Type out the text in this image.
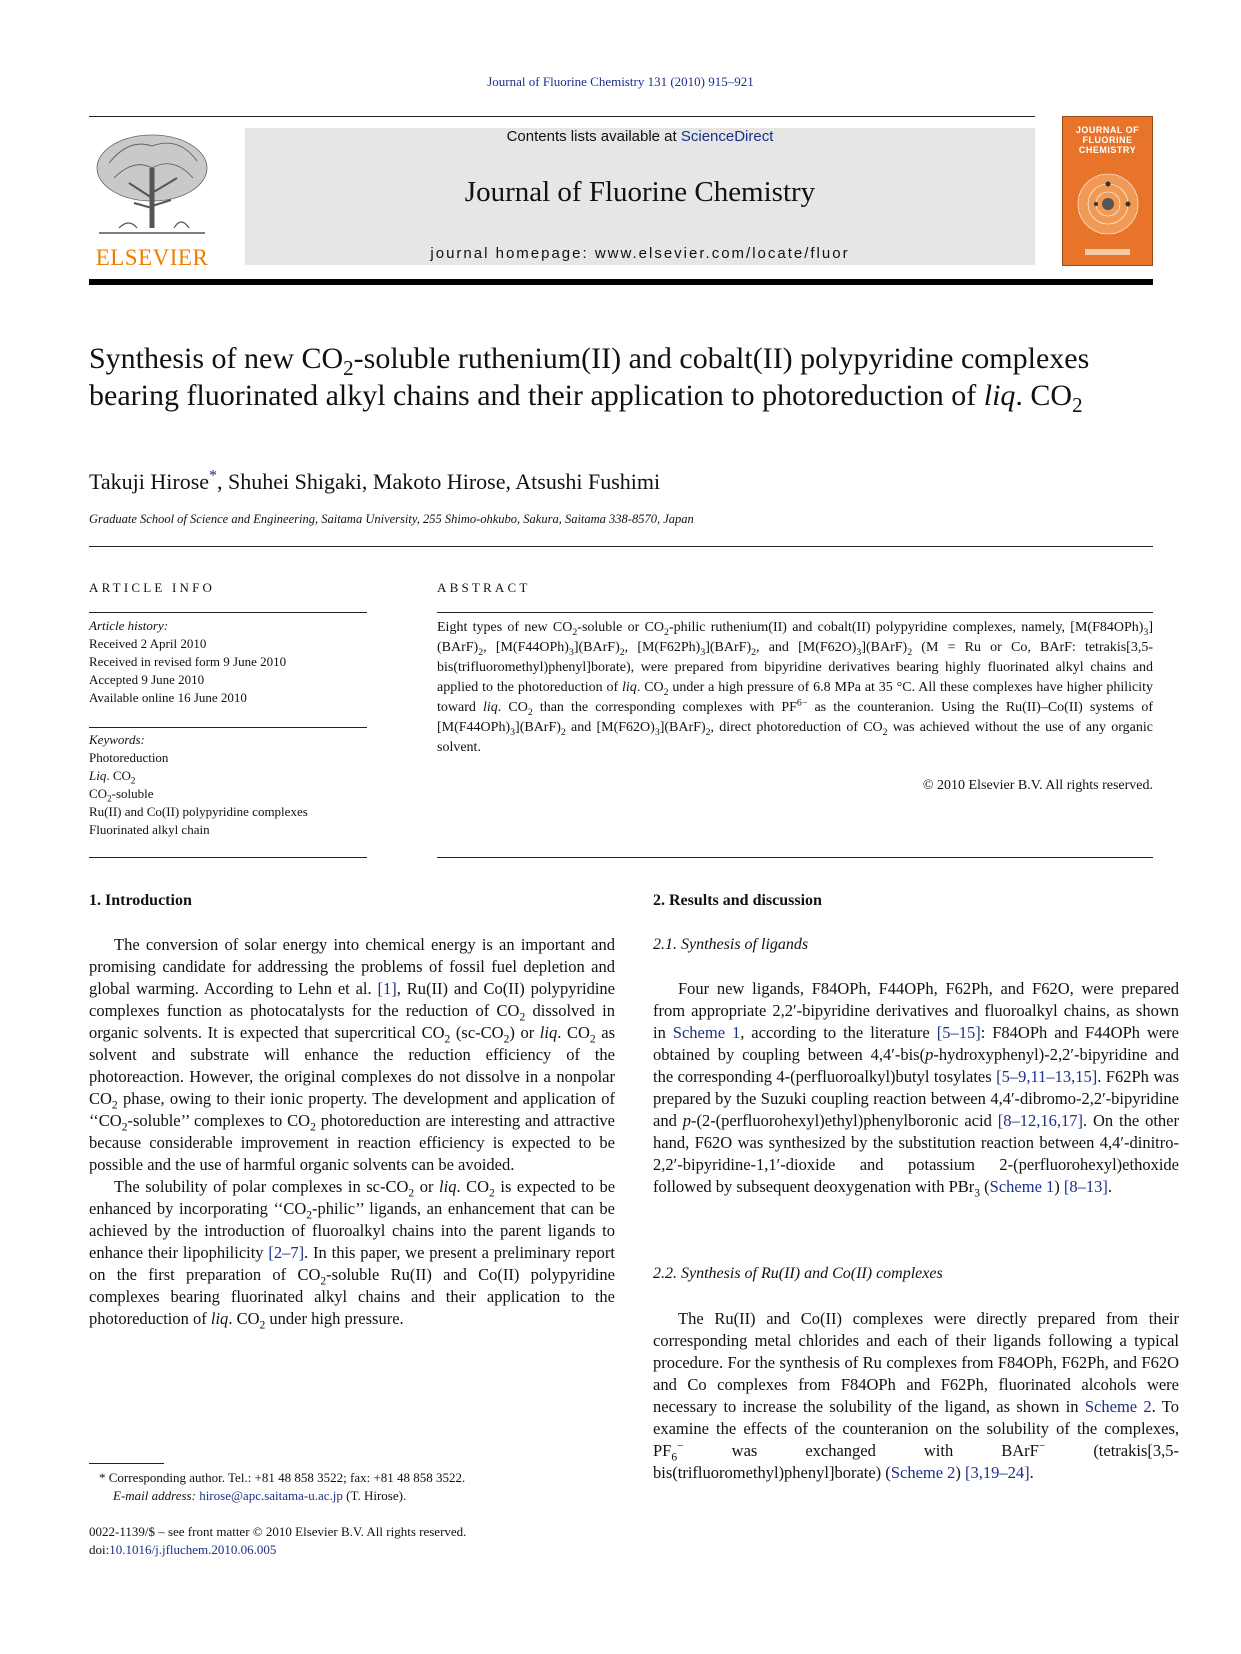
Journal of Fluorine Chemistry 131 (2010) 915–921
ELSEVIER
Contents lists available at ScienceDirect
Journal of Fluorine Chemistry
journal homepage: www.elsevier.com/locate/fluor
JOURNAL OF FLUORINE CHEMISTRY
Synthesis of new $CO_2$-soluble ruthenium(II) and cobalt(II) polypyridine complexes bearing fluorinated alkyl chains and their application to photoreduction of liq. $CO_2$
Takuji Hirose*, Shuhei Shigaki, Makoto Hirose, Atsushi Fushimi
Graduate School of Science and Engineering, Saitama University, 255 Shimo-ohkubo, Sakura, Saitama 338-8570, Japan
ARTICLE INFO	ABSTRACT
Article history:
Received 2 April 2010
Received in revised form 9 June 2010
Accepted 9 June 2010
Available online 16 June 2010
Keywords:
Photoreduction
Liq. $CO_2$
$CO_2$-soluble
Ru(II) and Co(II) polypyridine complexes
Fluorinated alkyl chain
Eight types of new $CO_2$-soluble or $CO_2$-philic ruthenium(II) and cobalt(II) polypyridine complexes, namely, $[M(F84OPh)_3](BArF)_2$, $[M(F44OPh)_3](BArF)_2$, $[M(F62Ph)_3](BArF)_2$, and $[M(F62O)_3](BArF)_2$ (M = Ru or Co, BArF: tetrakis[3,5-bis(trifluoromethyl)phenyl]borate), were prepared from bipyridine derivatives bearing highly fluorinated alkyl chains and applied to the photoreduction of liq. $CO_2$ under a high pressure of 6.8 MPa at 35 °C. All these complexes have higher philicity toward liq. $CO_2$ than the corresponding complexes with $PF^{6-}$ as the counteranion. Using the Ru(II)–Co(II) systems of $[M(F44OPh)_3](BArF)_2$ and $[M(F62O)_3](BArF)_2$, direct photoreduction of $CO_2$ was achieved without the use of any organic solvent.
© 2010 Elsevier B.V. All rights reserved.
1. Introduction

The conversion of solar energy into chemical energy is an important and promising candidate for addressing the problems of fossil fuel depletion and global warming. According to Lehn et al. [1], Ru(II) and Co(II) polypyridine complexes function as photocatalysts for the reduction of $CO_2$ dissolved in organic solvents. It is expected that supercritical $CO_2$ $(sc-CO_2)$ or liq. $CO_2$ as solvent and substrate will enhance the reduction efficiency of the photoreaction. However, the original complexes do not dissolve in a nonpolar $CO_2$ phase, owing to their ionic property. The development and application of ‘‘$CO_2$-soluble’’ complexes to $CO_2$ photoreduction are interesting and attractive because considerable improvement in reaction efficiency is expected to be possible and the use of harmful organic solvents can be avoided.

The solubility of polar complexes in $sc-CO_2$ or liq. $CO_2$ is expected to be enhanced by incorporating ‘‘$CO_2$-philic’’ ligands, an enhancement that can be achieved by the introduction of fluoroalkyl chains into the parent ligands to enhance their lipophilicity [2–7]. In this paper, we present a preliminary report on the first preparation of $CO_2$-soluble Ru(II) and Co(II) polypyridine complexes bearing fluorinated alkyl chains and their application to the photoreduction of liq. $CO_2$ under high pressure.

2. Results and discussion
2.1. Synthesis of ligands

Four new ligands, F84OPh, F44OPh, F62Ph, and F62O, were prepared from appropriate 2,2′-bipyridine derivatives and fluoroalkyl chains, as shown in Scheme 1, according to the literature [5–15]: F84OPh and F44OPh were obtained by coupling between 4,4′-bis(p-hydroxyphenyl)-2,2′-bipyridine and the corresponding 4-(perfluoroalkyl)butyl tosylates [5–9,11–13,15]. F62Ph was prepared by the Suzuki coupling reaction between 4,4′-dibromo-2,2′-bipyridine and p-(2-(perfluorohexyl)ethyl)phenylboronic acid [8–12,16,17]. On the other hand, F62O was synthesized by the substitution reaction between 4,4′-dinitro-2,2′-bipyridine-1,1′-dioxide and potassium 2-(perfluorohexyl)ethoxide followed by subsequent deoxygenation with PBr$_3$ (Scheme 1) [8–13].

2.2. Synthesis of Ru(II) and Co(II) complexes

The Ru(II) and Co(II) complexes were directly prepared from their corresponding metal chlorides and each of their ligands following a typical procedure. For the synthesis of Ru complexes from F84OPh, F62Ph, and F62O and Co complexes from F84OPh and F62Ph, fluorinated alcohols were necessary to increase the solubility of the ligand, as shown in Scheme 2. To examine the effects of the counteranion on the solubility of the complexes, $PF_6^-$ was exchanged with BArF− (tetrakis[3,5-bis(trifluoromethyl)phenyl]borate) (Scheme 2) [3,19–24].

* Corresponding author. Tel.: +81 48 858 3522; fax: +81 48 858 3522.
E-mail address: hirose@apc.saitama-u.ac.jp (T. Hirose).
0022-1139/$ – see front matter © 2010 Elsevier B.V. All rights reserved.
doi:10.1016/j.jfluchem.2010.06.005
